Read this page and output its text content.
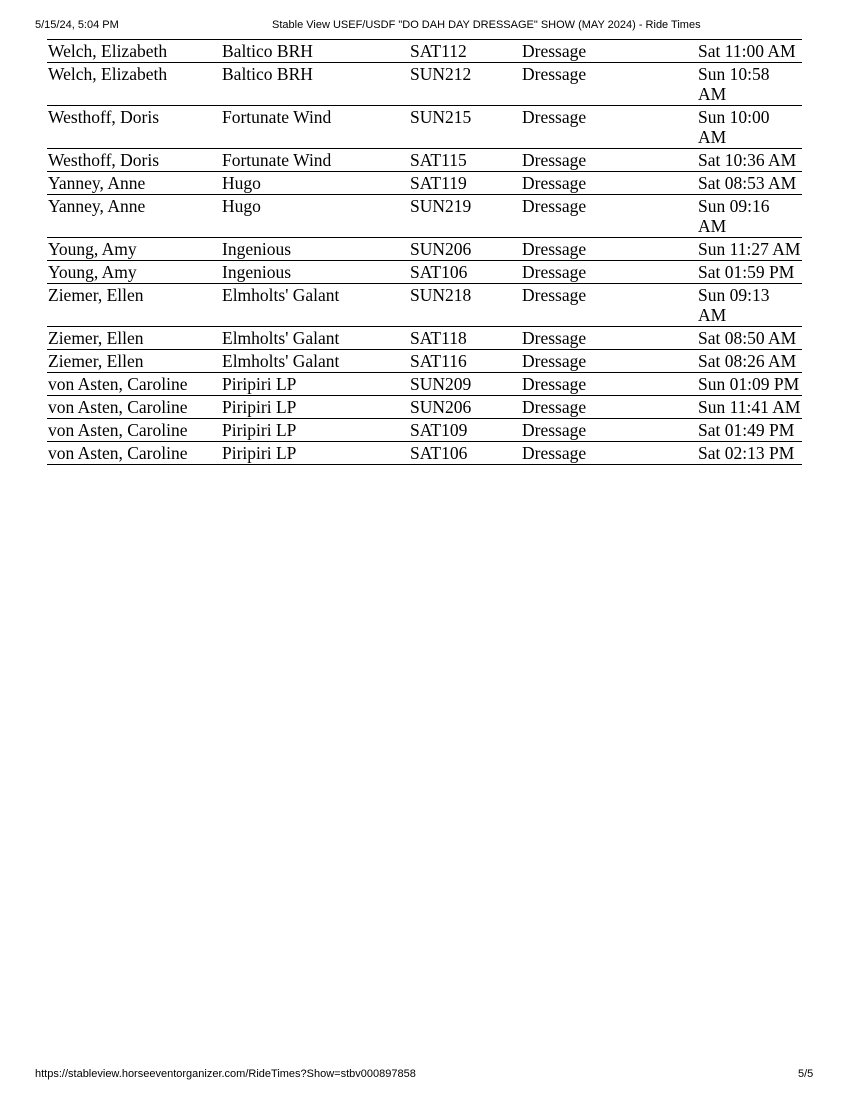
5/15/24, 5:04 PM	Stable View USEF/USDF "DO DAH DAY DRESSAGE" SHOW (MAY 2024) - Ride Times
Welch, Elizabeth	Baltico BRH	SAT112	Dressage	Sat 11:00 AM
Welch, Elizabeth	Baltico BRH	SUN212	Dressage	Sun 10:58 AM
Westhoff, Doris	Fortunate Wind	SUN215	Dressage	Sun 10:00 AM
Westhoff, Doris	Fortunate Wind	SAT115	Dressage	Sat 10:36 AM
Yanney, Anne	Hugo	SAT119	Dressage	Sat 08:53 AM
Yanney, Anne	Hugo	SUN219	Dressage	Sun 09:16 AM
Young, Amy	Ingenious	SUN206	Dressage	Sun 11:27 AM
Young, Amy	Ingenious	SAT106	Dressage	Sat 01:59 PM
Ziemer, Ellen	Elmholts' Galant	SUN218	Dressage	Sun 09:13 AM
Ziemer, Ellen	Elmholts' Galant	SAT118	Dressage	Sat 08:50 AM
Ziemer, Ellen	Elmholts' Galant	SAT116	Dressage	Sat 08:26 AM
von Asten, Caroline	Piripiri LP	SUN209	Dressage	Sun 01:09 PM
von Asten, Caroline	Piripiri LP	SUN206	Dressage	Sun 11:41 AM
von Asten, Caroline	Piripiri LP	SAT109	Dressage	Sat 01:49 PM
von Asten, Caroline	Piripiri LP	SAT106	Dressage	Sat 02:13 PM
https://stableview.horseeventorganizer.com/RideTimes?Show=stbv000897858	5/5
